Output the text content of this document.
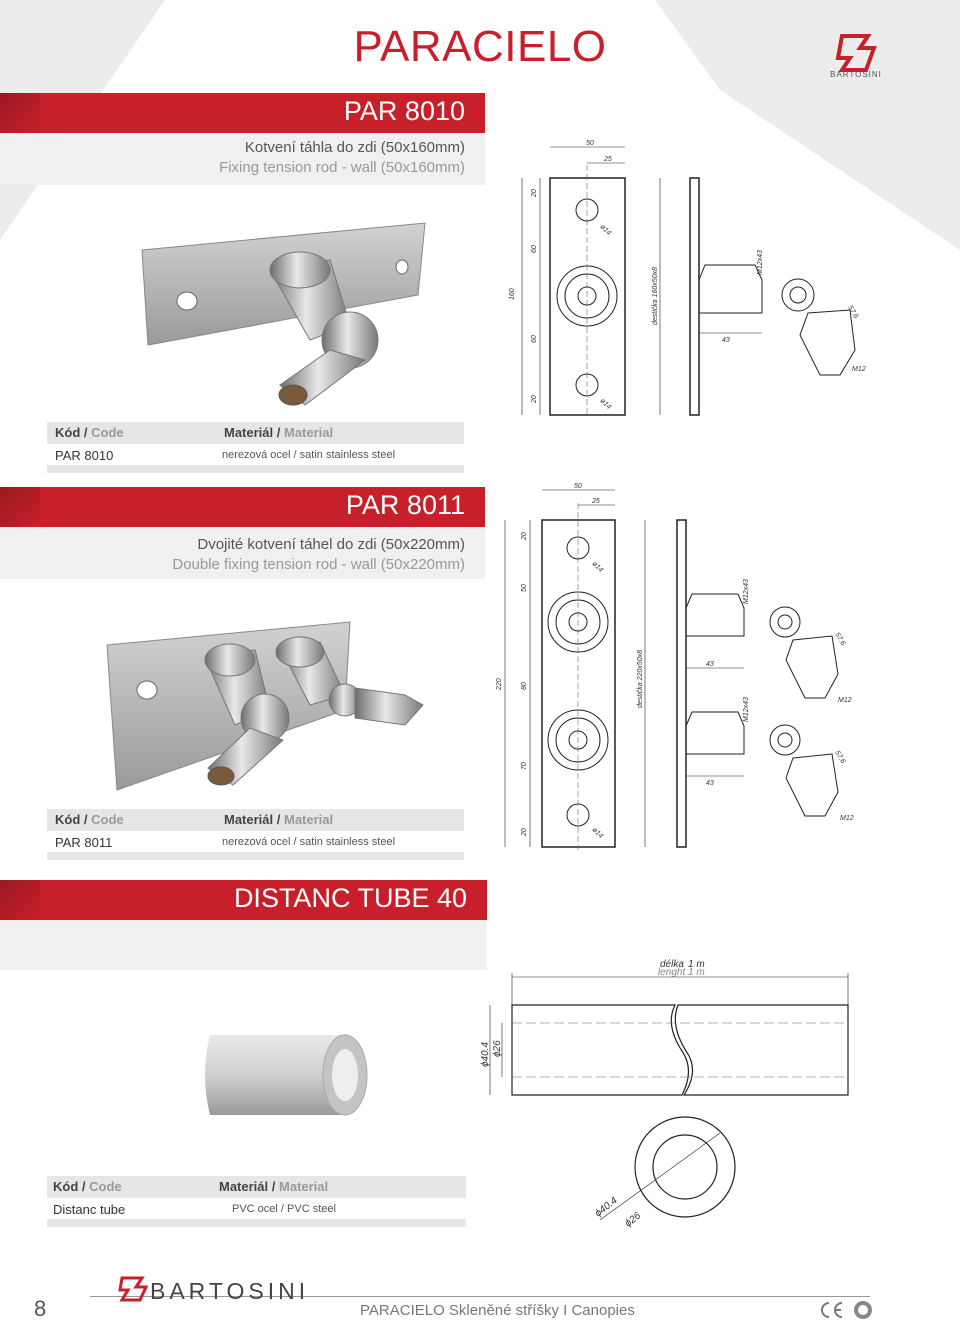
PARACIELO
BARTOSINI
PAR 8010
Kotvení táhla do zdi (50x160mm)
Fixing tension rod - wall (50x160mm)
50
25
20
60
60
20
160
ø14
ø14
destička 160x50x8
43
M12x43
57.6
M12
Kód / Code	Materiál / Material
PAR 8010	nerezová ocel / satin stainless steel
PAR 8011
Dvojité kotvení táhel do zdi (50x220mm)
Double fixing tension rod - wall (50x220mm)
50
25
20
50
80
70
20
220
ø14
ø14
destička 220x50x8	43
M12x43
57.6
M12
43
M12x43
57.6
M12
Kód / Code	Materiál / Material
PAR 8011	nerezová ocel / satin stainless steel
DISTANC TUBE 40
délka 1 m
lenght 1 m
ϕ40.4 ϕ26
ϕ40.4
ϕ26
Kód / Code	Materiál / Material
Distanc tube	PVC ocel / PVC steel
8
BARTOSINI
PARACIELO Skleněné stříšky I Canopies
